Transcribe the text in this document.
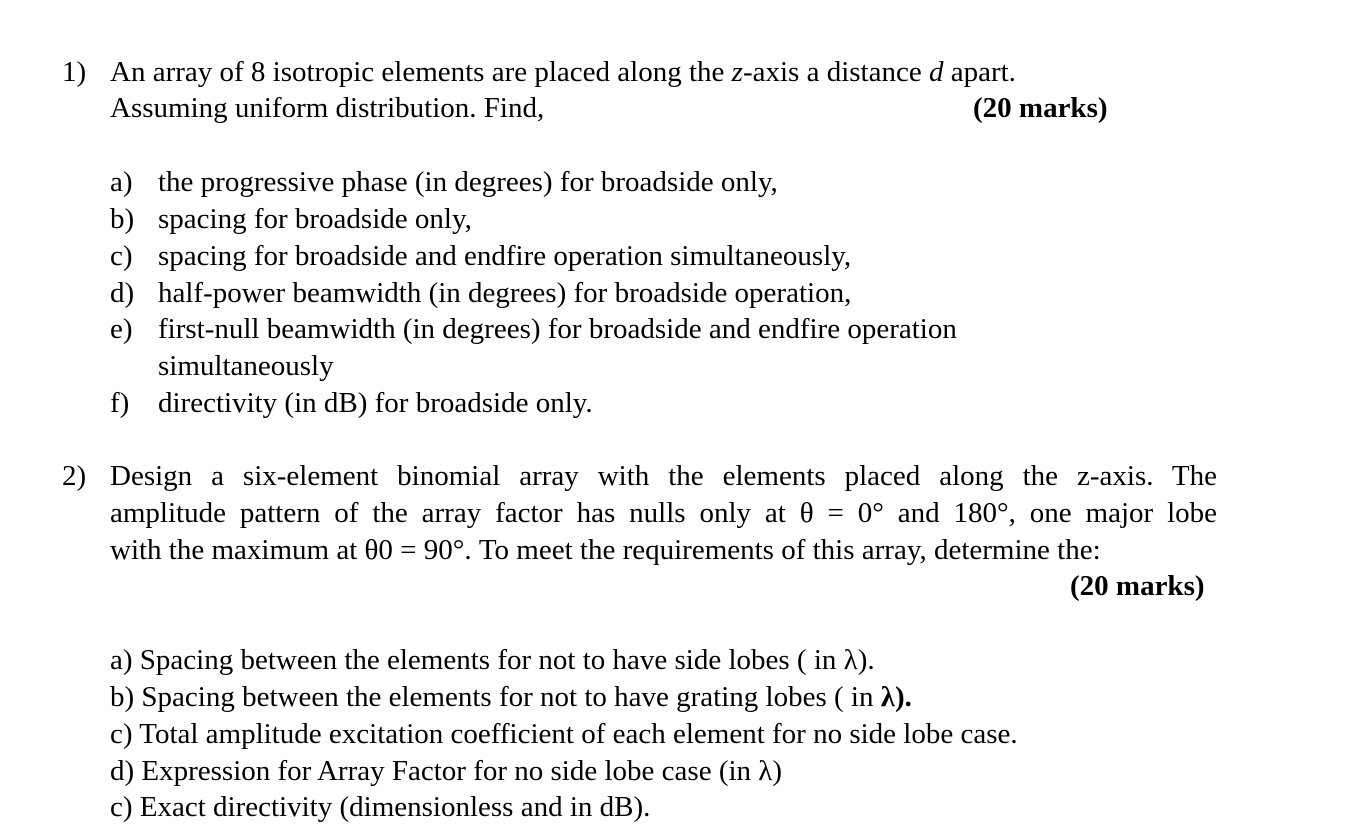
1) An array of 8 isotropic elements are placed along the z-axis a distance d apart.
Assuming uniform distribution. Find,	(20 marks)
a) the progressive phase (in degrees) for broadside only,
b) spacing for broadside only,
c) spacing for broadside and endfire operation simultaneously,
d) half-power beamwidth (in degrees) for broadside operation,
e) first-null beamwidth (in degrees) for broadside and endfire operation
simultaneously
f) directivity (in dB) for broadside only.
2) Design a six-element binomial array with the elements placed along the z-axis. The
amplitude pattern of the array factor has nulls only at θ = 0° and 180°, one major lobe
with the maximum at θ0 = 90°. To meet the requirements of this array, determine the:
(20 marks)
a) Spacing between the elements for not to have side lobes ( in λ).
b) Spacing between the elements for not to have grating lobes ( in λ).
c) Total amplitude excitation coefficient of each element for no side lobe case.
d) Expression for Array Factor for no side lobe case (in λ)
c) Exact directivity (dimensionless and in dB).
